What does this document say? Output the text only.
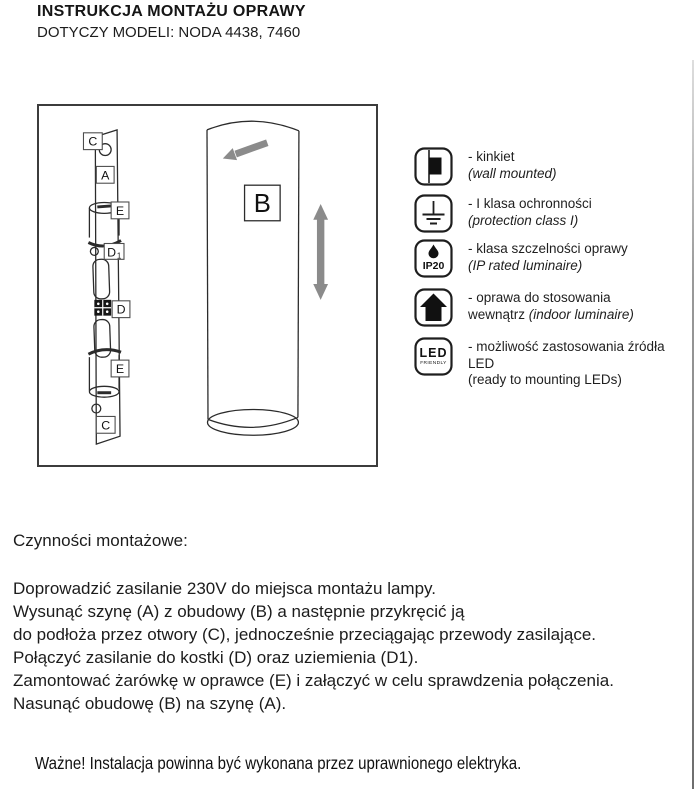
INSTRUKCJA MONTAŻU OPRAWY
DOTYCZY MODELI: NODA 4438, 7460
C
A
E
D 1
D
E
C
B
- kinkiet
(wall mounted)
- I klasa ochronności
(protection class I)
IP20
- klasa szczelności oprawy
(IP rated luminaire)
- oprawa do stosowania
wewnątrz (indoor luminaire)
LED
FRIENDLY
- możliwość zastosowania źródła LED
(ready to mounting LEDs)
Czynności montażowe:
Doprowadzić zasilanie 230V do miejsca montażu lampy.
Wysunąć szynę (A) z obudowy (B) a następnie przykręcić ją
do podłoża przez otwory (C), jednocześnie przeciągając przewody zasilające.
Połączyć zasilanie do kostki (D) oraz uziemienia (D1).
Zamontować żarówkę w oprawce (E) i załączyć w celu sprawdzenia połączenia.
Nasunąć obudowę (B) na szynę (A).
Ważne! Instalacja powinna być wykonana przez uprawnionego elektryka.
